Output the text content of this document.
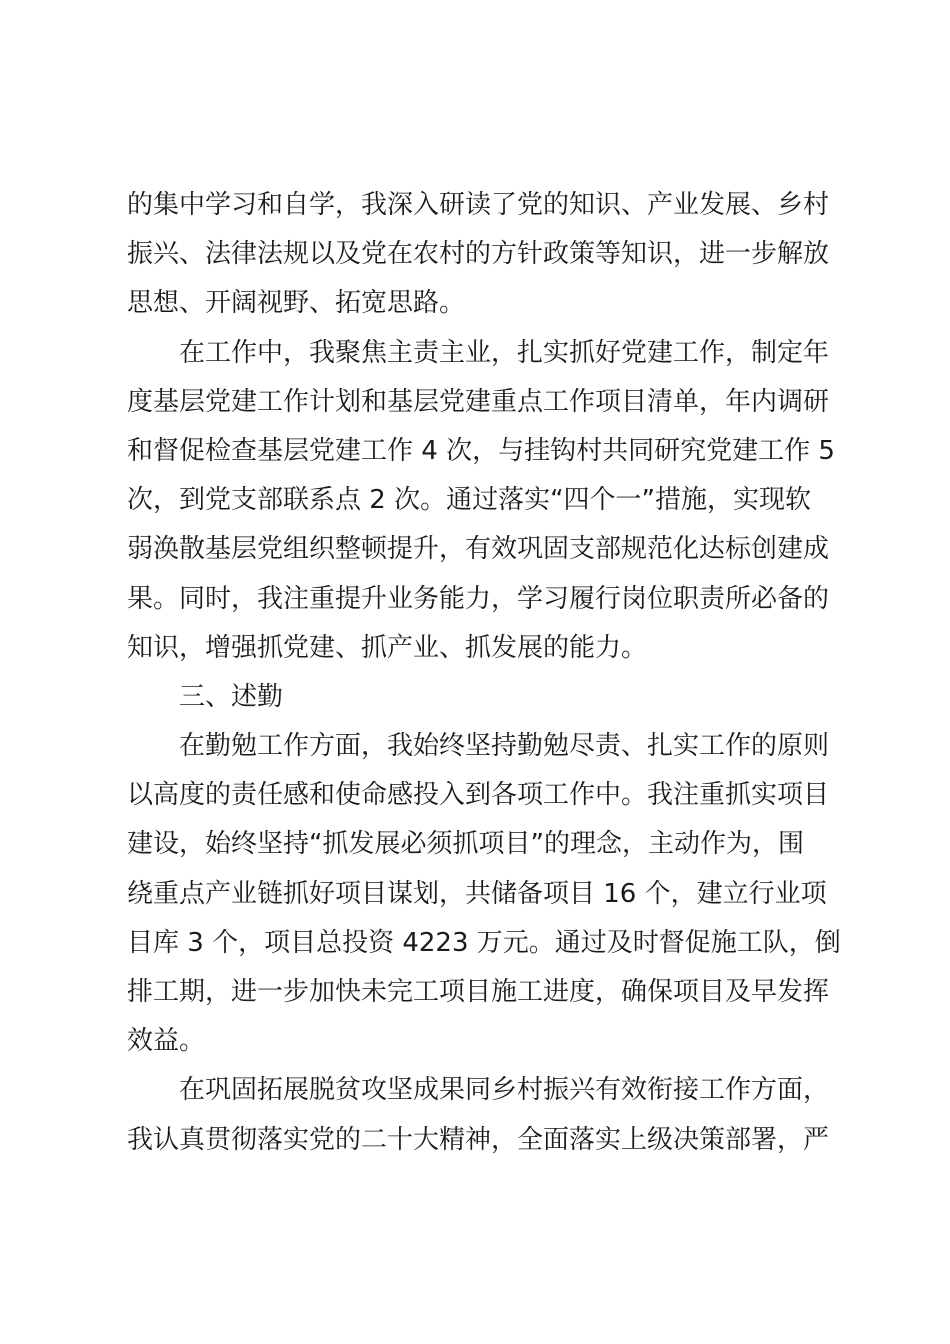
的集中学习和自学，我深入研读了党的知识、产业发展、乡村
振兴、法律法规以及党在农村的方针政策等知识，进一步解放
思想、开阔视野、拓宽思路。
在工作中，我聚焦主责主业，扎实抓好党建工作，制定年
度基层党建工作计划和基层党建重点工作项目清单，年内调研
和督促检查基层党建工作 4 次，与挂钩村共同研究党建工作 5
次，到党支部联系点 2 次。通过落实“四个一”措施，实现软
弱涣散基层党组织整顿提升，有效巩固支部规范化达标创建成
果。同时，我注重提升业务能力，学习履行岗位职责所必备的
知识，增强抓党建、抓产业、抓发展的能力。
三、述勤
在勤勉工作方面，我始终坚持勤勉尽责、扎实工作的原则
以高度的责任感和使命感投入到各项工作中。我注重抓实项目
建设，始终坚持“抓发展必须抓项目”的理念，主动作为，围
绕重点产业链抓好项目谋划，共储备项目 16 个，建立行业项
目库 3 个，项目总投资 4223 万元。通过及时督促施工队，倒
排工期，进一步加快未完工项目施工进度，确保项目及早发挥
效益。
在巩固拓展脱贫攻坚成果同乡村振兴有效衔接工作方面，
我认真贯彻落实党的二十大精神，全面落实上级决策部署，严
